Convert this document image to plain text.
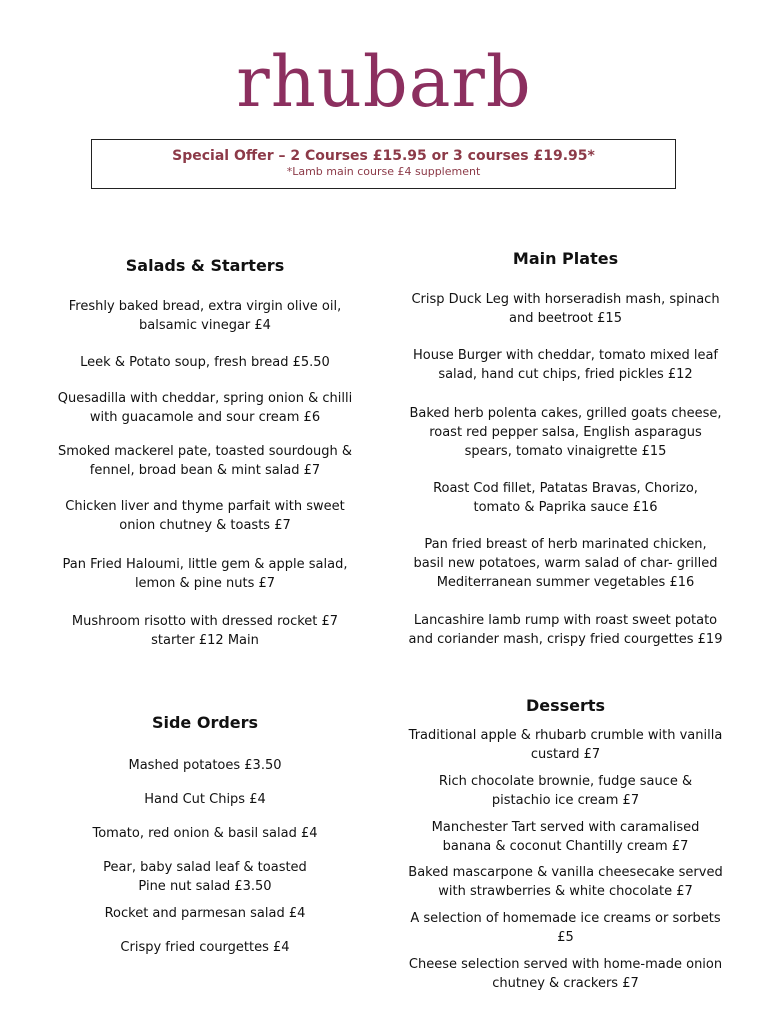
rhubarb
Special Offer – 2 Courses £15.95 or 3 courses £19.95*
*Lamb main course £4 supplement
Salads & Starters
Freshly baked bread, extra virgin olive oil,
balsamic vinegar £4
Leek & Potato soup, fresh bread £5.50
Quesadilla with cheddar, spring onion & chilli
with guacamole and sour cream £6
Smoked mackerel pate, toasted sourdough &
fennel, broad bean & mint salad £7
Chicken liver and thyme parfait with sweet
onion chutney & toasts £7
Pan Fried Haloumi, little gem & apple salad,
lemon & pine nuts £7
Mushroom risotto with dressed rocket £7
starter £12 Main
Main Plates
Crisp Duck Leg with horseradish mash, spinach
and beetroot £15
House Burger with cheddar, tomato mixed leaf
salad, hand cut chips, fried pickles £12
Baked herb polenta cakes, grilled goats cheese,
roast red pepper salsa, English asparagus
spears, tomato vinaigrette £15
Roast Cod fillet, Patatas Bravas, Chorizo,
tomato & Paprika sauce £16
Pan fried breast of herb marinated chicken,
basil new potatoes, warm salad of char- grilled
Mediterranean summer vegetables £16
Lancashire lamb rump with roast sweet potato
and coriander mash, crispy fried courgettes £19
Side Orders
Mashed potatoes £3.50
Hand Cut Chips £4
Tomato, red onion & basil salad £4
Pear, baby salad leaf & toasted
Pine nut salad £3.50
Rocket and parmesan salad £4
Crispy fried courgettes £4
Desserts
Traditional apple & rhubarb crumble with vanilla
custard £7
Rich chocolate brownie, fudge sauce &
pistachio ice cream £7
Manchester Tart served with caramalised
banana & coconut Chantilly cream £7
Baked mascarpone & vanilla cheesecake served
with strawberries & white chocolate £7
A selection of homemade ice creams or sorbets
£5
Cheese selection served with home-made onion
chutney & crackers £7
